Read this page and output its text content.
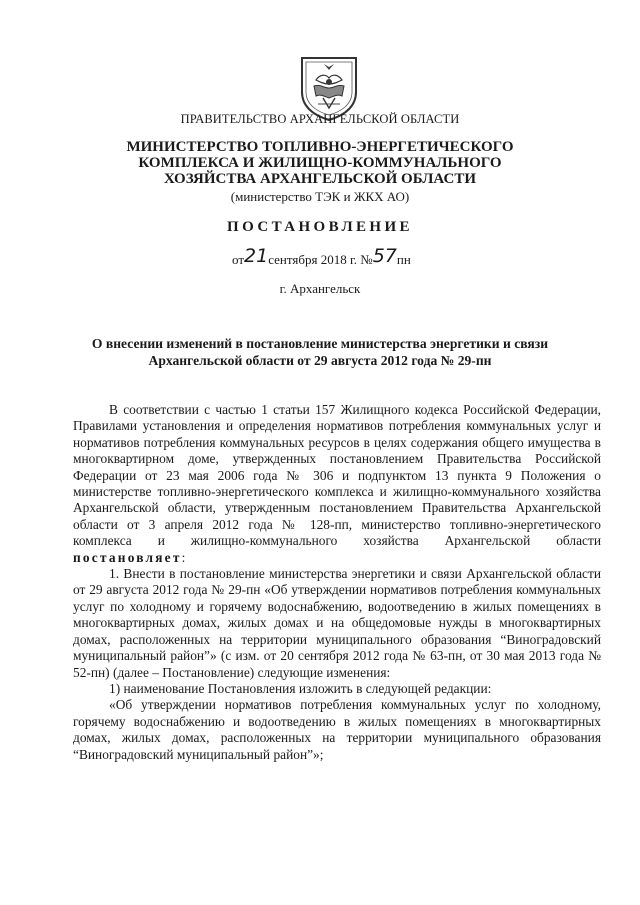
ПРАВИТЕЛЬСТВО АРХАНГЕЛЬСКОЙ ОБЛАСТИ
МИНИСТЕРСТВО ТОПЛИВНО-ЭНЕРГЕТИЧЕСКОГО
КОМПЛЕКСА И ЖИЛИЩНО-КОММУНАЛЬНОГО
ХОЗЯЙСТВА АРХАНГЕЛЬСКОЙ ОБЛАСТИ
(министерство ТЭК и ЖКХ АО)
ПОСТАНОВЛЕНИЕ
от21сентября 2018 г. №57пн
г. Архангельск
О внесении изменений в постановление министерства энергетики и связи
Архангельской области от 29 августа 2012 года № 29-пн

В соответствии с частью 1 статьи 157 Жилищного кодекса Российской Федерации, Правилами установления и определения нормативов потребления коммунальных услуг и нормативов потребления коммунальных ресурсов в целях содержания общего имущества в многоквартирном доме, утвержденных постановлением Правительства Российской Федерации от 23 мая 2006 года № 306 и подпунктом 13 пункта 9 Положения о министерстве топливно-энергетического комплекса и жилищно-коммунального хозяйства Архангельской области, утвержденным постановлением Правительства Архангельской области от 3 апреля 2012 года № 128-пп, министерство топливно-энергетического комплекса и жилищно-коммунального хозяйства Архангельской области постановляет:

1. Внести в постановление министерства энергетики и связи Архангельской области от 29 августа 2012 года № 29-пн «Об утверждении нормативов потребления коммунальных услуг по холодному и горячему водоснабжению, водоотведению в жилых помещениях в многоквартирных домах, жилых домах и на общедомовые нужды в многоквартирных домах, расположенных на территории муниципального образования “Виноградовский муниципальный район”» (с изм. от 20 сентября 2012 года № 63-пн, от 30 мая 2013 года № 52-пн) (далее – Постановление) следующие изменения:

1) наименование Постановления изложить в следующей редакции:

«Об утверждении нормативов потребления коммунальных услуг по холодному, горячему водоснабжению и водоотведению в жилых помещениях в многоквартирных домах, жилых домах, расположенных на территории муниципального образования “Виноградовский муниципальный район”»;
